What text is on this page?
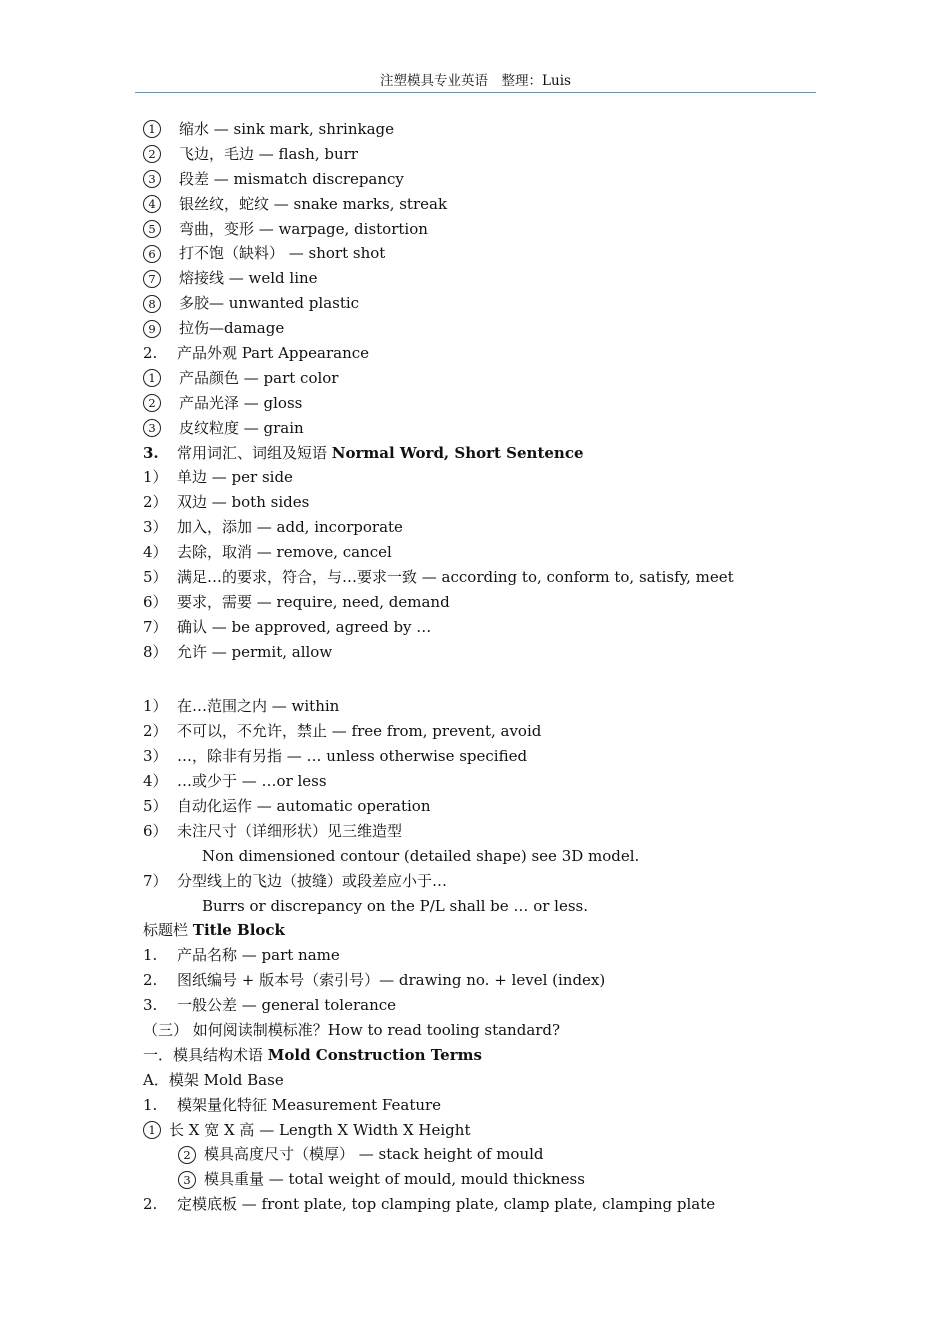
注塑模具专业英语　整理：Luis
1	缩水 — sink mark, shrinkage
2	飞边，毛边 — flash, burr
3	段差 — mismatch discrepancy
4	银丝纹，蛇纹 — snake marks, streak
5	弯曲，变形 — warpage, distortion
6	打不饱（缺料） — short shot
7	熔接线 — weld line
8	多胶— unwanted plastic
9	拉伤—damage
2.	产品外观 Part Appearance
1	产品颜色 — part color
2	产品光泽 — gloss
3	皮纹粒度 — grain
3.	常用词汇、词组及短语 Normal Word, Short Sentence
1） 单边 — per side
2） 双边 — both sides
3） 加入，添加 — add, incorporate
4） 去除，取消 — remove, cancel
5） 满足…的要求，符合，与…要求一致 — according to, conform to, satisfy, meet
6） 要求，需要 — require, need, demand
7） 确认 — be approved, agreed by …
8） 允许 — permit, allow
1） 在…范围之内 — within
2） 不可以，不允许，禁止 — free from, prevent, avoid
3） …，除非有另指 — … unless otherwise specified
4） …或少于 — …or less
5） 自动化运作 — automatic operation
6） 未注尺寸（详细形状）见三维造型
Non dimensioned contour (detailed shape) see 3D model.
7） 分型线上的飞边（披缝）或段差应小于…
Burrs or discrepancy on the P/L shall be … or less.
标题栏 Title Block
1.	产品名称 — part name
2.	图纸编号 + 版本号（索引号）— drawing no. + level (index)
3.	一般公差 — general tolerance
（三） 如何阅读制模标准？How to read tooling standard?
一．模具结构术语 Mold Construction Terms
A．模架 Mold Base
1.	模架量化特征 Measurement Feature
1 长 X 宽 X 高 — Length X Width X Height
2 模具高度尺寸（模厚） — stack height of mould
3 模具重量 — total weight of mould, mould thickness
2.	定模底板 — front plate, top clamping plate, clamp plate, clamping plate
